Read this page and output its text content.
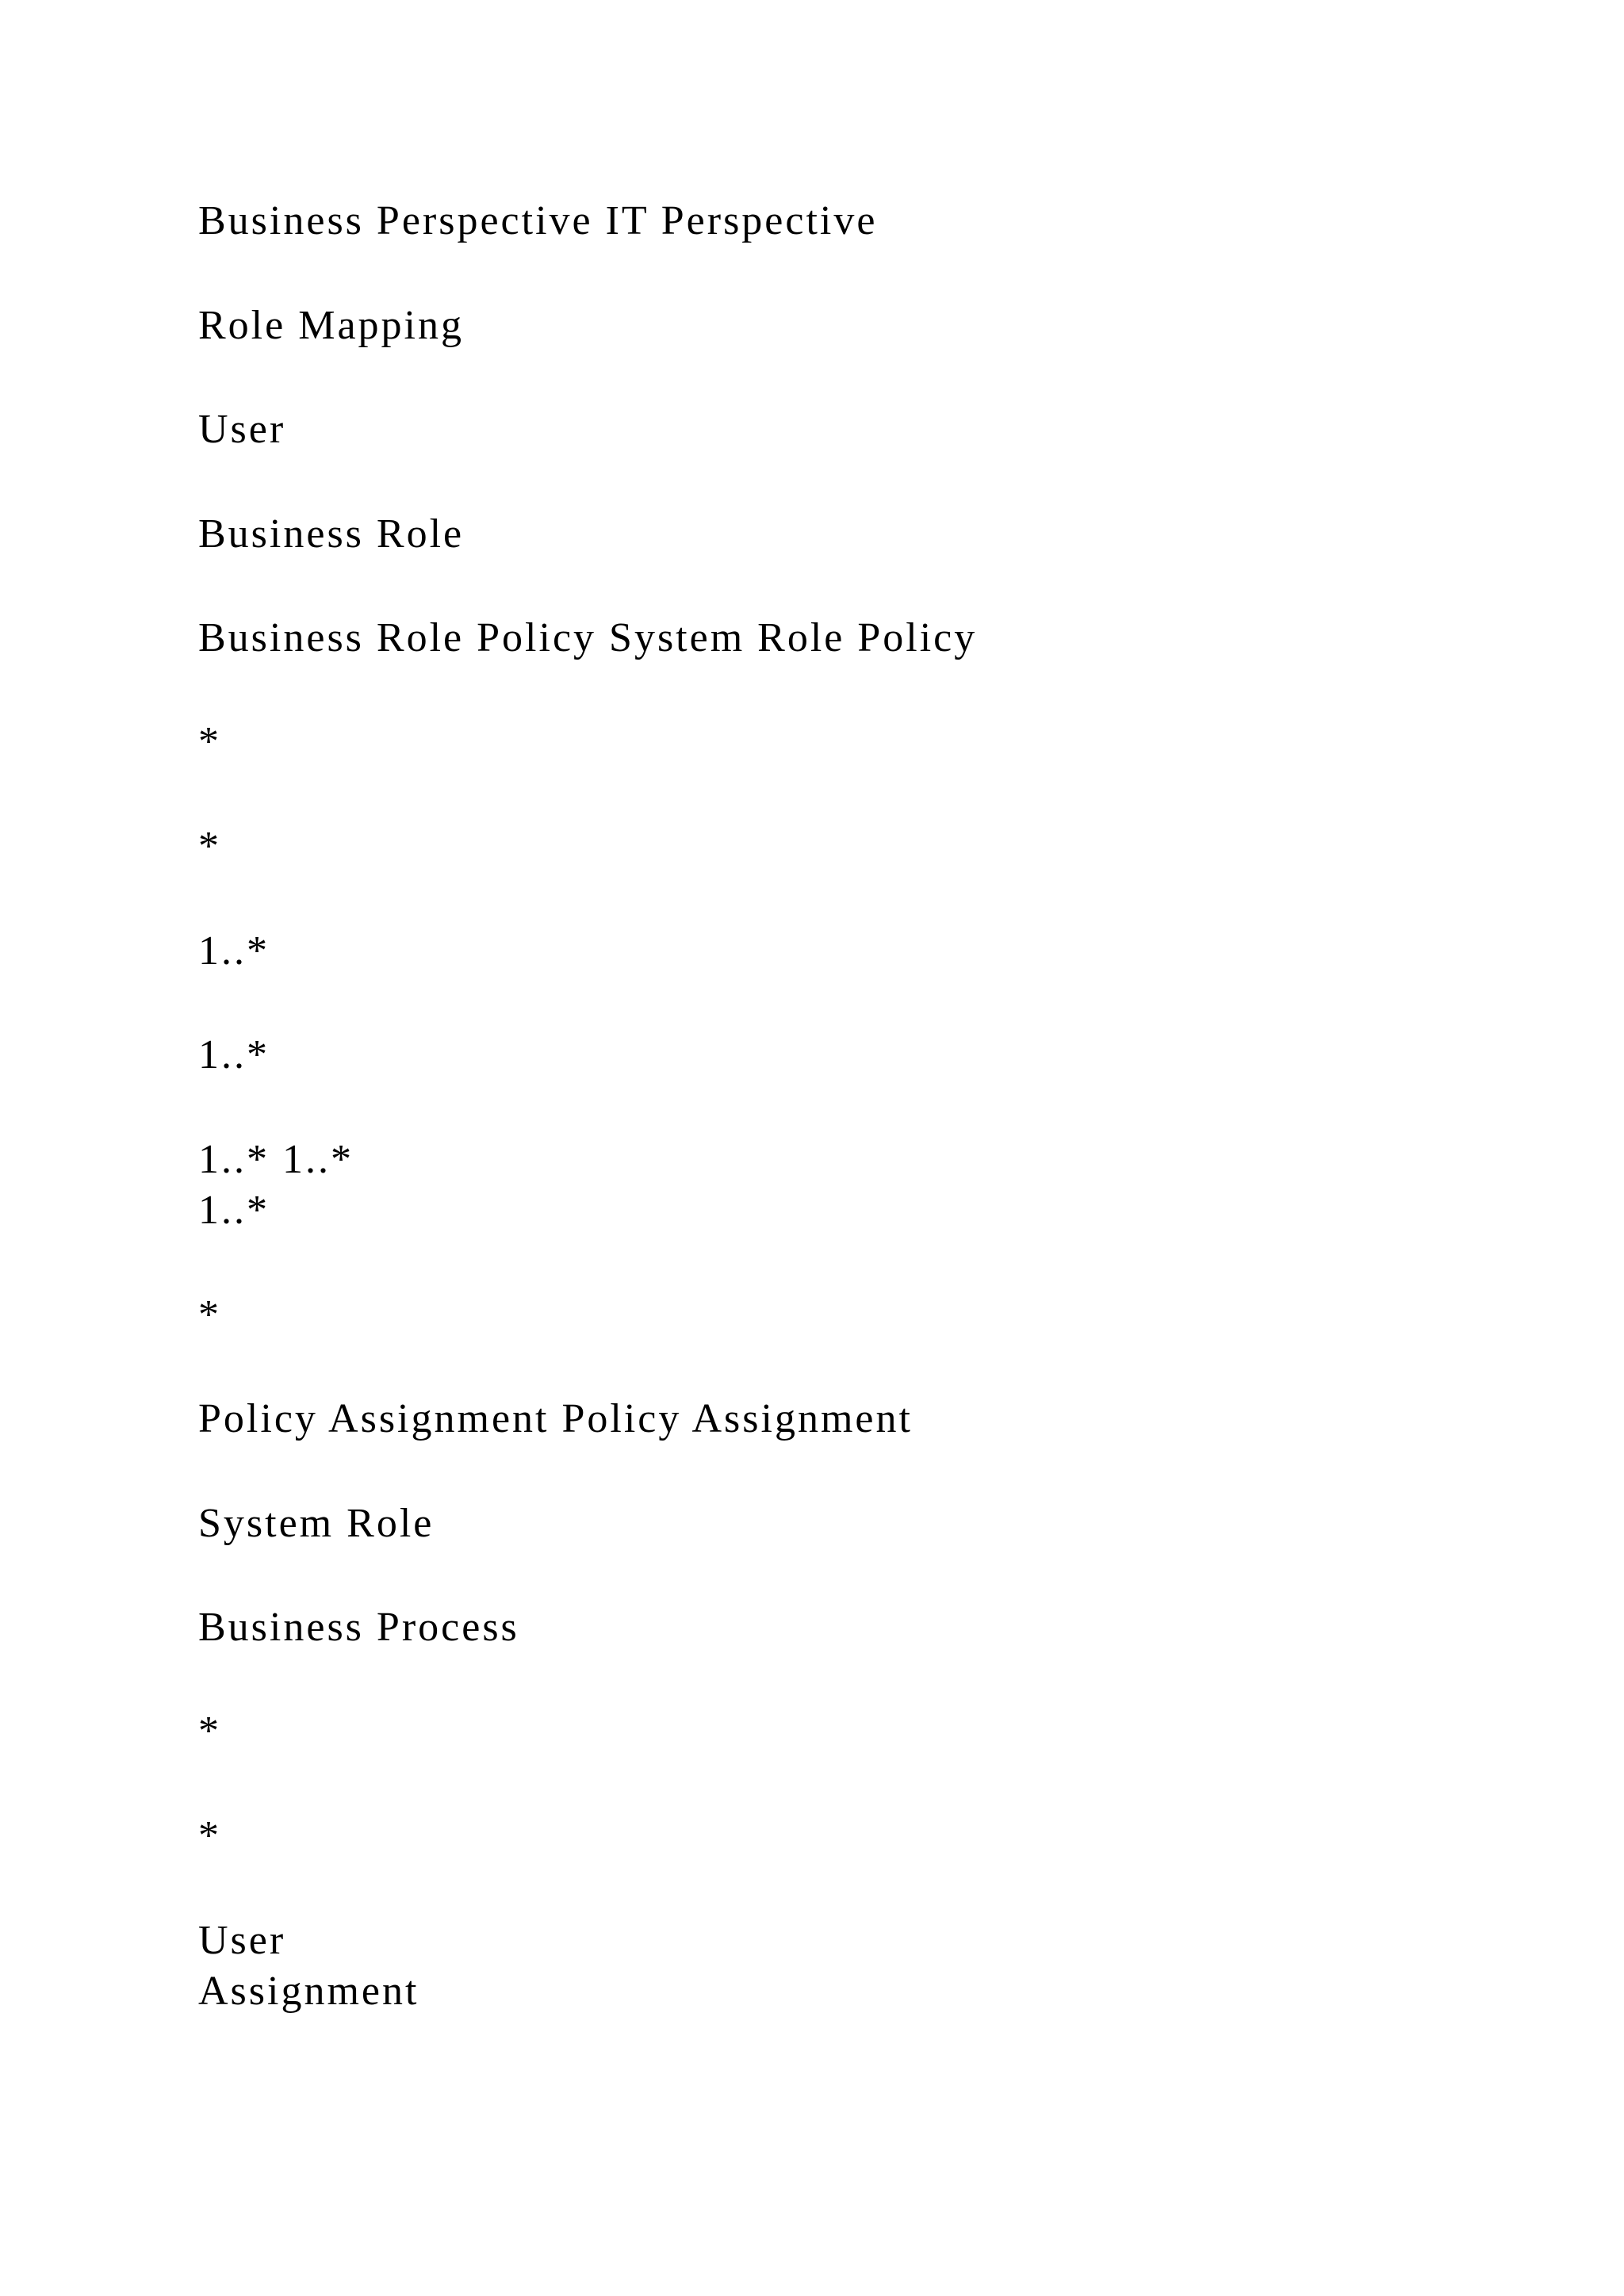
Business Perspective IT Perspective
Role Mapping
User
Business Role
Business Role Policy System Role Policy
*
*
1..*
1..*
1..* 1..*
1..*
*
Policy Assignment Policy Assignment
System Role
Business Process
*
*
User
Assignment
